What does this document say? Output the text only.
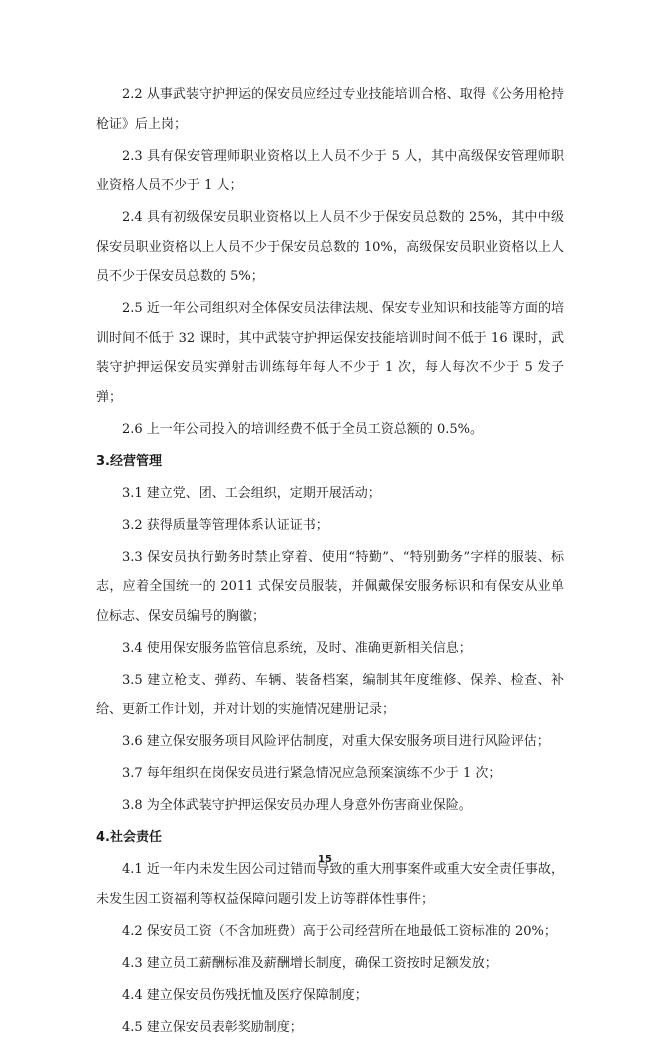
2.2 从事武装守护押运的保安员应经过专业技能培训合格、取得《公务用枪持枪证》后上岗；

2.3 具有保安管理师职业资格以上人员不少于 5 人，其中高级保安管理师职业资格人员不少于 1 人；

2.4 具有初级保安员职业资格以上人员不少于保安员总数的 25%，其中中级保安员职业资格以上人员不少于保安员总数的 10%，高级保安员职业资格以上人员不少于保安员总数的 5%；

2.5 近一年公司组织对全体保安员法律法规、保安专业知识和技能等方面的培训时间不低于 32 课时，其中武装守护押运保安技能培训时间不低于 16 课时，武装守护押运保安员实弹射击训练每年每人不少于 1 次，每人每次不少于 5 发子弹；

2.6 上一年公司投入的培训经费不低于全员工资总额的 0.5%。

3.经营管理

3.1 建立党、团、工会组织，定期开展活动；

3.2 获得质量等管理体系认证证书；

3.3 保安员执行勤务时禁止穿着、使用“特勤”、“特别勤务”字样的服装、标志，应着全国统一的 2011 式保安员服装，并佩戴保安服务标识和有保安从业单位标志、保安员编号的胸徽；

3.4 使用保安服务监管信息系统，及时、准确更新相关信息；

3.5 建立枪支、弹药、车辆、装备档案，编制其年度维修、保养、检查、补给、更新工作计划，并对计划的实施情况建册记录；

3.6 建立保安服务项目风险评估制度，对重大保安服务项目进行风险评估；

3.7 每年组织在岗保安员进行紧急情况应急预案演练不少于 1 次；

3.8 为全体武装守护押运保安员办理人身意外伤害商业保险。

4.社会责任

4.1 近一年内未发生因公司过错而导致的重大刑事案件或重大安全责任事故，未发生因工资福利等权益保障问题引发上访等群体性事件；

4.2 保安员工资（不含加班费）高于公司经营所在地最低工资标准的 20%；

4.3 建立员工薪酬标准及薪酬增长制度，确保工资按时足额发放；

4.4 建立保安员伤残抚恤及医疗保障制度；

4.5 建立保安员表彰奖励制度；

15
